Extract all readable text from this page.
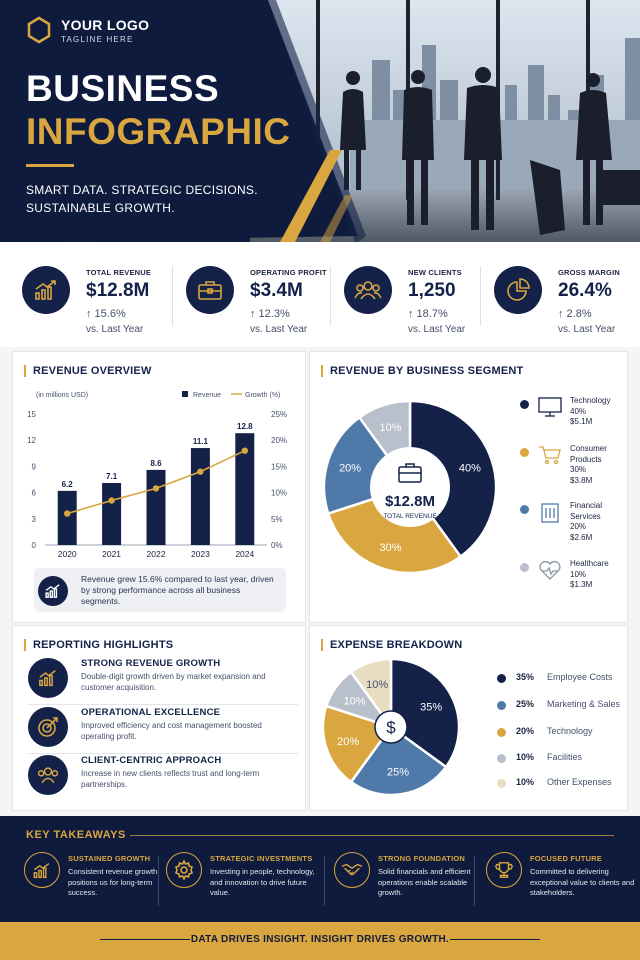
YOUR LOGO
TAGLINE HERE
BUSINESS
INFOGRAPHIC
SMART DATA. STRATEGIC DECISIONS. SUSTAINABLE GROWTH.
TOTAL REVENUE
$12.8M
↑ 15.6%
vs. Last Year
OPERATING PROFIT
$3.4M
↑ 12.3%
vs. Last Year
NEW CLIENTS
1,250
↑ 18.7%
vs. Last Year
GROSS MARGIN
26.4%
↑ 2.8%
vs. Last Year
REVENUE OVERVIEW
(in millions USD)	Revenue	Growth (%)
0
3
6
9
12
15
0%
5%
10%
15%
20%
25%
6.2
2020
7.1
2021
8.6
2022
11.1
2023
12.8
2024
Revenue grew 15.6% compared to last year, driven by strong performance across all business segments.
REVENUE BY BUSINESS SEGMENT
40%
30%
20%
10%
$12.8M
TOTAL REVENUE
Technology
40%
$5.1M
Consumer Products
30%
$3.8M
Financial Services
20%
$2.6M
Healthcare
10%
$1.3M
REPORTING HIGHLIGHTS
STRONG REVENUE GROWTH
Double-digit growth driven by market expansion and customer acquisition.
OPERATIONAL EXCELLENCE
Improved efficiency and cost management boosted operating profit.
CLIENT-CENTRIC APPROACH
Increase in new clients reflects trust and long-term partnerships.
EXPENSE BREAKDOWN
35%
25%
20%
10%
10%
$
35% Employee Costs
25% Marketing & Sales
20% Technology
10% Facilities
10% Other Expenses
KEY TAKEAWAYS
SUSTAINED GROWTH
Consistent revenue growth positions us for long-term success.
STRATEGIC INVESTMENTS
Investing in people, technology, and innovation to drive future value.
STRONG FOUNDATION
Solid financials and efficient operations enable scalable growth.
FOCUSED FUTURE
Committed to delivering exceptional value to clients and stakeholders.
DATA DRIVES INSIGHT. INSIGHT DRIVES GROWTH.
